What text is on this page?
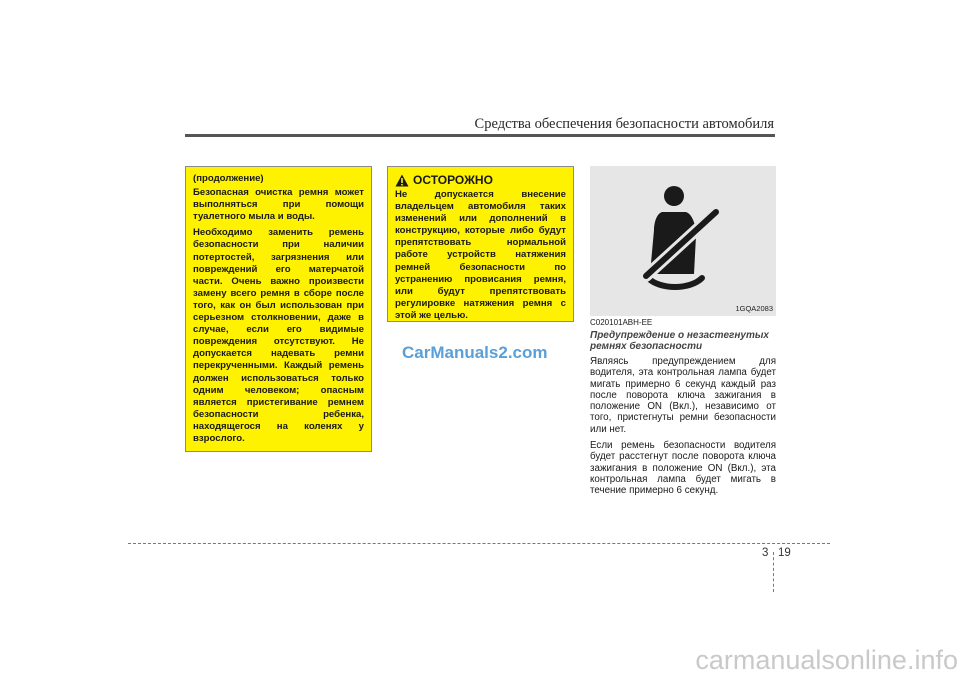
Средства обеспечения безопасности автомобиля

(продолжение)

Безопасная очистка ремня может выполняться при помощи туалетного мыла и воды.

Необходимо заменить ремень безопасности при наличии потертостей, загрязнения или повреждений его матерчатой части. Очень важно произвести замену всего ремня в сборе после того, как он был использован при серьезном столкновении, даже в случае, если его видимые повреждения отсутствуют. Не допускается надевать ремни перекрученными. Каждый ремень должен использоваться только одним человеком; опасным является пристегивание ремнем безопасности ребенка, находящегося на коленях у взрослого.

ОСТОРОЖНО

Не допускается внесение владельцем автомобиля таких изменений или дополнений в конструкцию, которые либо будут препятствовать нормальной работе устройств натяжения ремней безопасности по устранению провисания ремня, или будут препятствовать регулировке натяжения ремня с этой же целью.

CarManuals2.com
1GQA2083

C020101ABH-EE

Предупреждение о незастегнутых ремнях безопасности

Являясь предупреждением для водителя, эта контрольная лампа будет мигать примерно 6 секунд каждый раз после поворота ключа зажигания в положение ON (Вкл.), независимо от того, пристегнуты ремни безопасности или нет.

Если ремень безопасности водителя будет расстегнут после поворота ключа зажигания в положение ON (Вкл.), эта контрольная лампа будет мигать в течение примерно 6 секунд.

3 19
carmanualsonline.info
